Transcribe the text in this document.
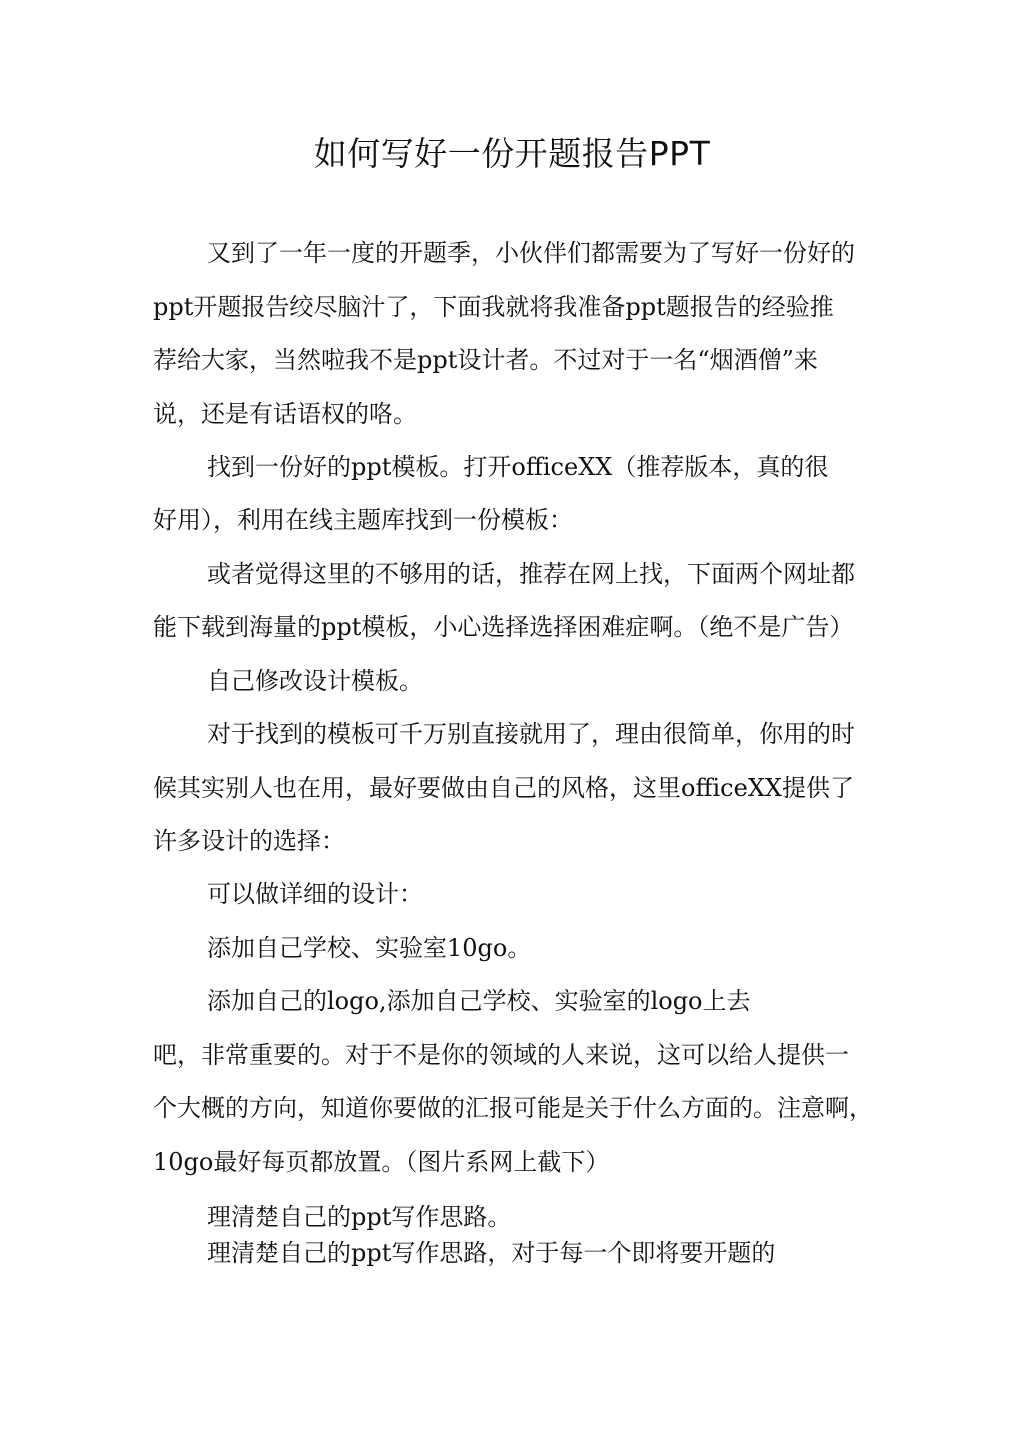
如何写好一份开题报告PPT
又到了一年一度的开题季，小伙伴们都需要为了写好一份好的
ppt开题报告绞尽脑汁了，下面我就将我准备ppt题报告的经验推
荐给大家，当然啦我不是ppt设计者。不过对于一名“烟酒僧”来
说，还是有话语权的咯。
找到一份好的ppt模板。打开officeXX（推荐版本，真的很
好用），利用在线主题库找到一份模板：
或者觉得这里的不够用的话，推荐在网上找，下面两个网址都
能下载到海量的ppt模板，小心选择选择困难症啊。（绝不是广告）
自己修改设计模板。
对于找到的模板可千万别直接就用了，理由很简单，你用的时
候其实别人也在用，最好要做由自己的风格，这里officeXX提供了
许多设计的选择：
可以做详细的设计：
添加自己学校、实验室10go。
添加自己的logo,添加自己学校、实验室的logo上去
吧，非常重要的。对于不是你的领域的人来说，这可以给人提供一
个大概的方向，知道你要做的汇报可能是关于什么方面的。注意啊，
10go最好每页都放置。（图片系网上截下）
理清楚自己的ppt写作思路。
理清楚自己的ppt写作思路，对于每一个即将要开题的
